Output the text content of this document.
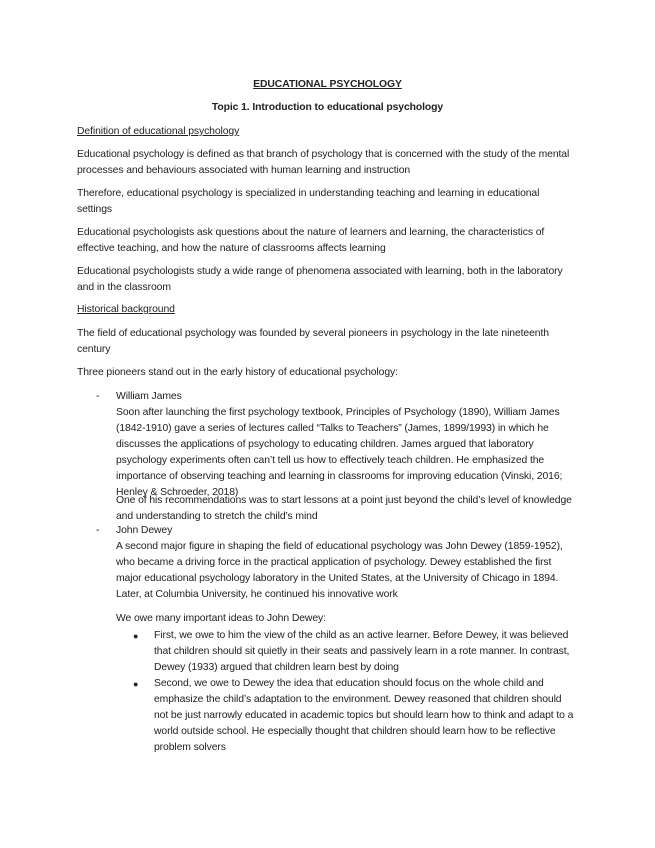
EDUCATIONAL PSYCHOLOGY
Topic 1. Introduction to educational psychology
Definition of educational psychology
Educational psychology is defined as that branch of psychology that is concerned with the study of the mental processes and behaviours associated with human learning and instruction
Therefore, educational psychology is specialized in understanding teaching and learning in educational settings
Educational psychologists ask questions about the nature of learners and learning, the characteristics of effective teaching, and how the nature of classrooms affects learning
Educational psychologists study a wide range of phenomena associated with learning, both in the laboratory and in the classroom
Historical background
The field of educational psychology was founded by several pioneers in psychology in the late nineteenth century
Three pioneers stand out in the early history of educational psychology:
- William James
Soon after launching the first psychology textbook, Principles of Psychology (1890), William James (1842-1910) gave a series of lectures called “Talks to Teachers” (James, 1899/1993) in which he discusses the applications of psychology to educating children. James argued that laboratory psychology experiments often can’t tell us how to effectively teach children. He emphasized the importance of observing teaching and learning in classrooms for improving education (Vinski, 2016; Henley & Schroeder, 2018)
One of his recommendations was to start lessons at a point just beyond the child’s level of knowledge and understanding to stretch the child’s mind
- John Dewey
A second major figure in shaping the field of educational psychology was John Dewey (1859-1952), who became a driving force in the practical application of psychology. Dewey established the first major educational psychology laboratory in the United States, at the University of Chicago in 1894. Later, at Columbia University, he continued his innovative work
We owe many important ideas to John Dewey:
● First, we owe to him the view of the child as an active learner. Before Dewey, it was believed that children should sit quietly in their seats and passively learn in a rote manner. In contrast, Dewey (1933) argued that children learn best by doing
● Second, we owe to Dewey the idea that education should focus on the whole child and emphasize the child’s adaptation to the environment. Dewey reasoned that children should not be just narrowly educated in academic topics but should learn how to think and adapt to a world outside school. He especially thought that children should learn how to be reflective problem solvers
